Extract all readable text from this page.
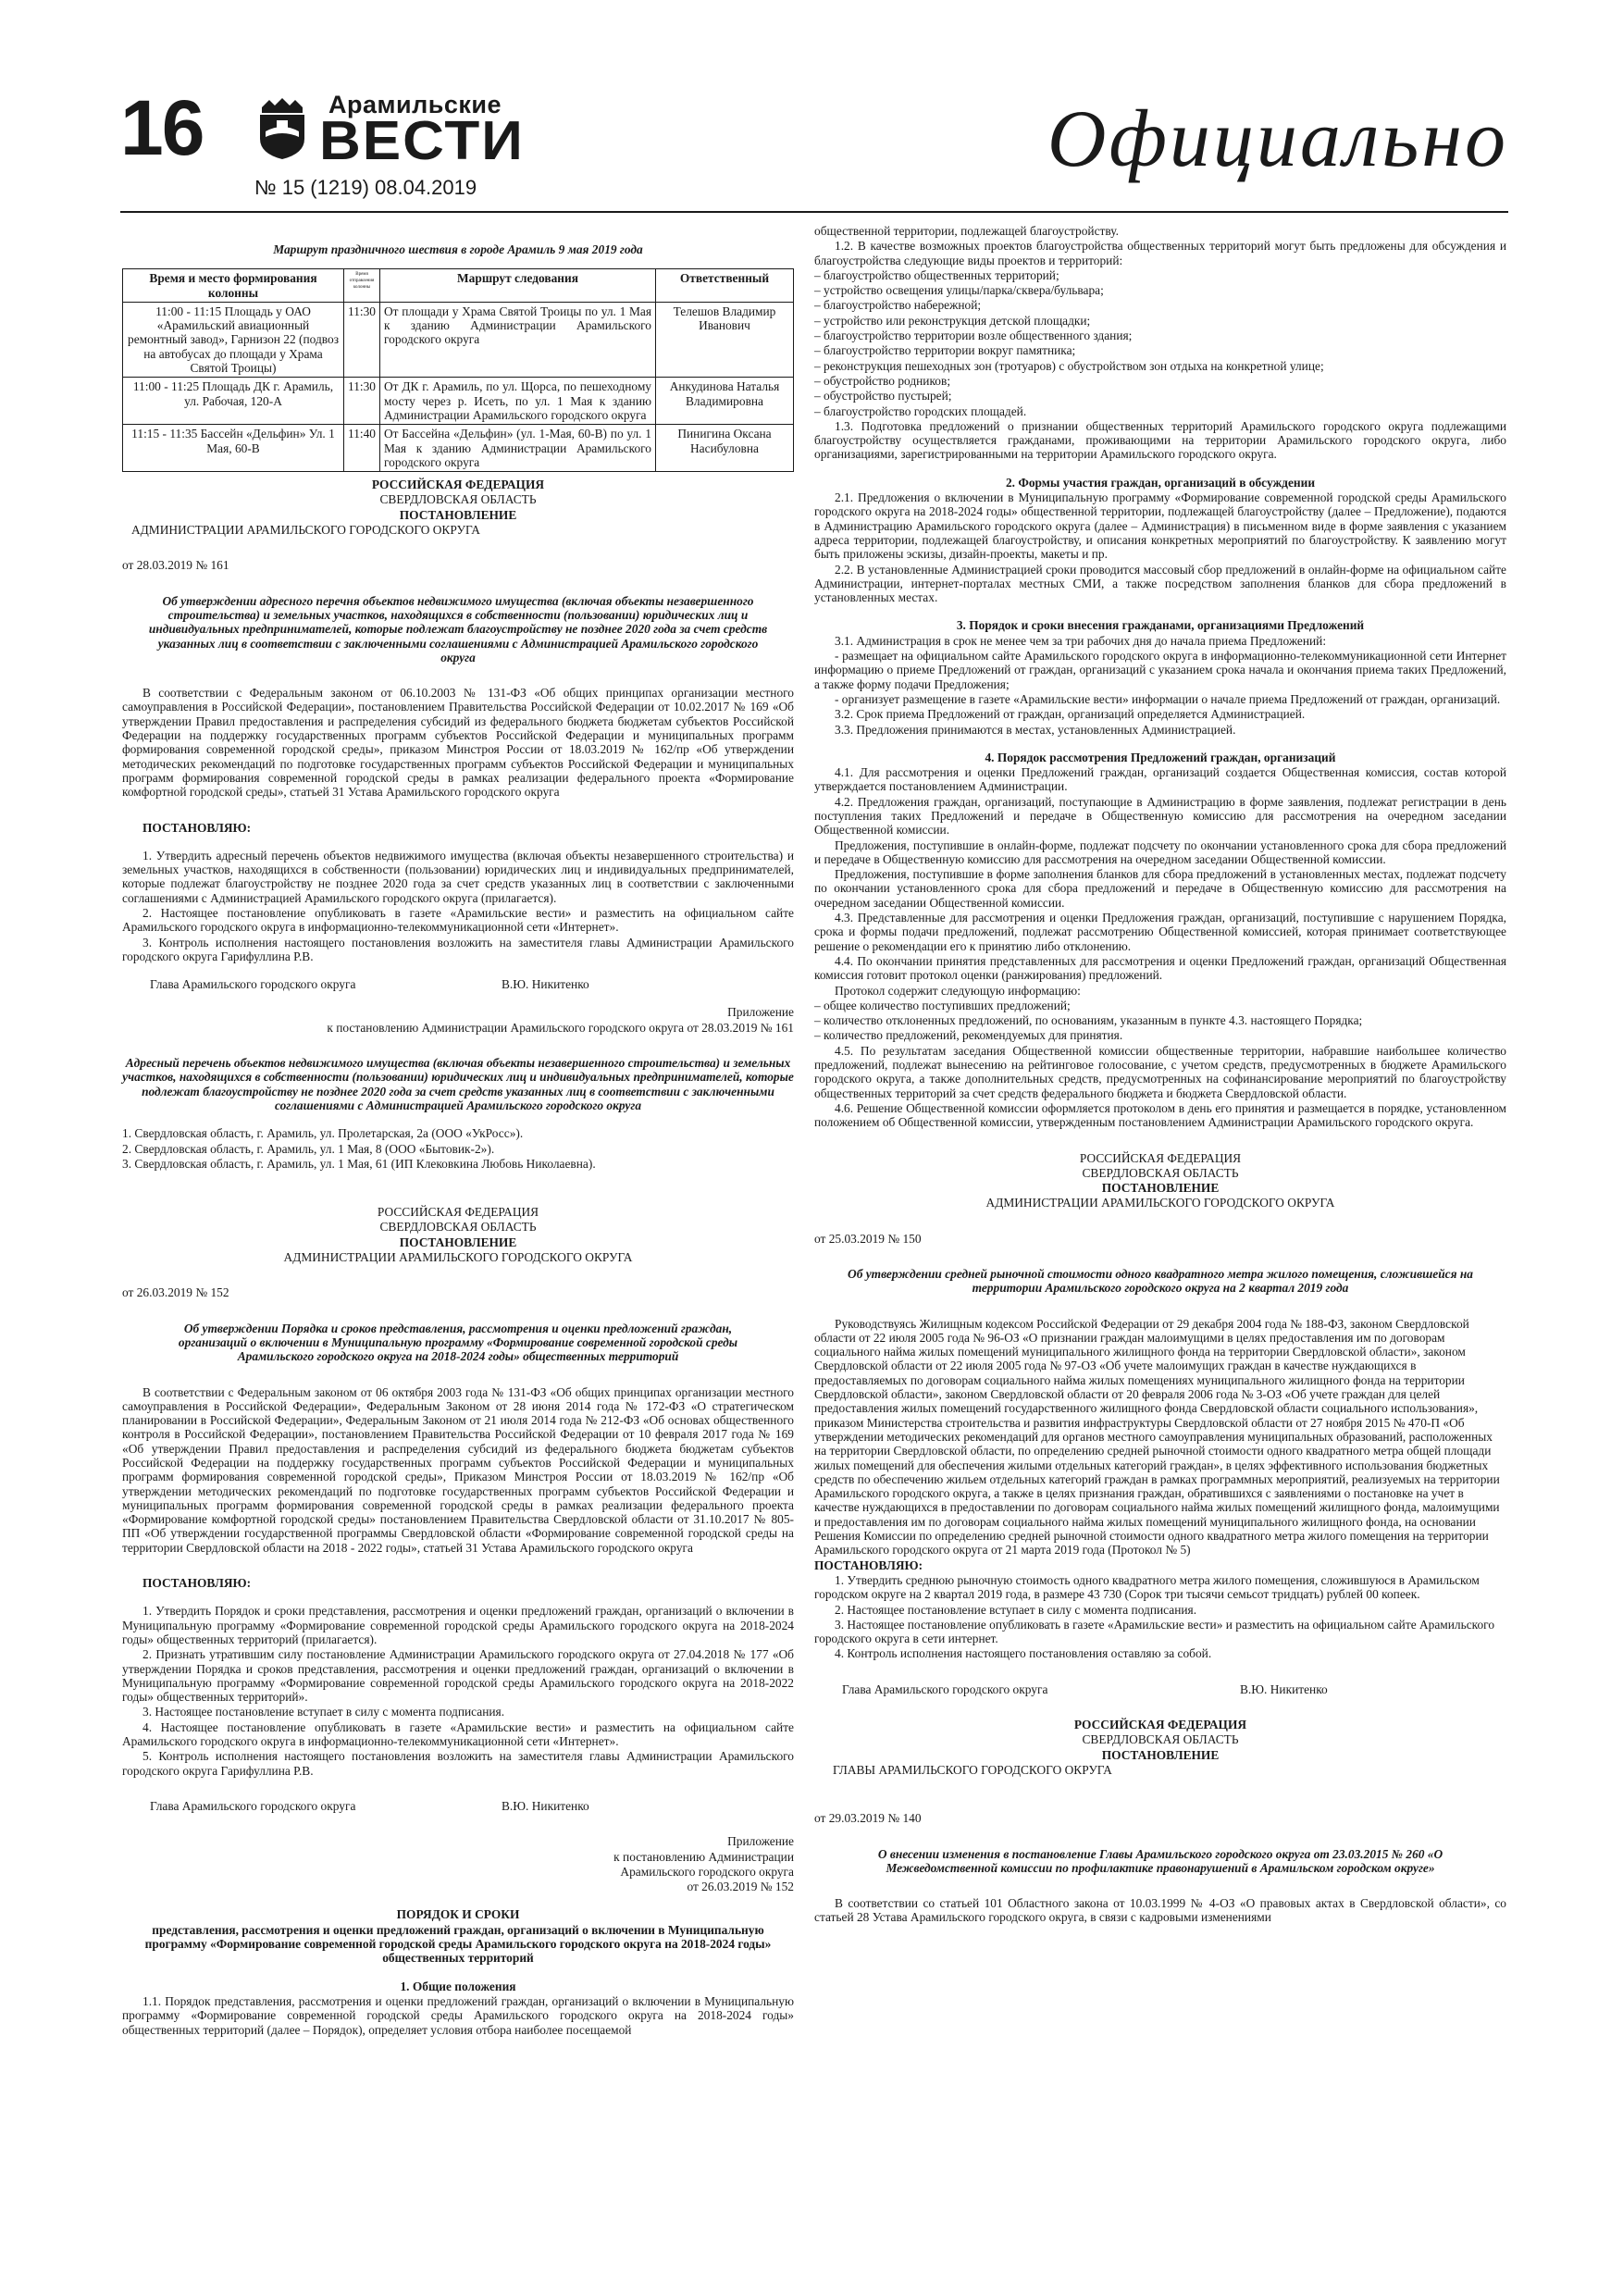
16	Арамильские
ВЕСТИ
№ 15 (1219) 08.04.2019
Официально

Маршрут праздничного шествия в городе Арамиль 9 мая 2019 года

Время и место формирования колонны	Время отправления колонны	Маршрут следования	Ответственный
11:00 - 11:15 Площадь у ОАО «Арамильский авиационный ремонтный завод», Гарнизон 22 (подвоз на автобусах до площади у Храма Святой Троицы)	11:30	От площади у Храма Святой Троицы по ул. 1 Мая к зданию Администрации Арамильского городского округа	Телешов Владимир Иванович
11:00 - 11:25 Площадь ДК г. Арамиль, ул. Рабочая, 120-А	11:30	От ДК г. Арамиль, по ул. Щорса, по пешеходному мосту через р. Исеть, по ул. 1 Мая к зданию Администрации Арамильского городского округа	Анкудинова Наталья Владимировна
11:15 - 11:35 Бассейн «Дельфин» Ул. 1 Мая, 60-В	11:40	От Бассейна «Дельфин» (ул. 1-Мая, 60-В) по ул. 1 Мая к зданию Администрации Арамильского городского округа	Пинигина Оксана Насибуловна

РОССИЙСКАЯ ФЕДЕРАЦИЯ

СВЕРДЛОВСКАЯ ОБЛАСТЬ

ПОСТАНОВЛЕНИЕ

АДМИНИСТРАЦИИ АРАМИЛЬСКОГО ГОРОДСКОГО ОКРУГА

от 28.03.2019 № 161

Об утверждении адресного перечня объектов недвижимого имущества (включая объекты незавершенного строительства) и земельных участков, находящихся в собственности (пользовании) юридических лиц и индивидуальных предпринимателей, которые подлежат благоустройству не позднее 2020 года за счет средств указанных лиц в соответствии с заключенными соглашениями с Администрацией Арамильского городского округа

В соответствии с Федеральным законом от 06.10.2003 № 131-ФЗ «Об общих принципах организации местного самоуправления в Российской Федерации», постановлением Правительства Российской Федерации от 10.02.2017 № 169 «Об утверждении Правил предоставления и распределения субсидий из федерального бюджета бюджетам субъектов Российской Федерации на поддержку государственных программ субъектов Российской Федерации и муниципальных программ формирования современной городской среды», приказом Минстроя России от 18.03.2019 № 162/пр «Об утверждении методических рекомендаций по подготовке государственных программ субъектов Российской Федерации и муниципальных программ формирования современной городской среды в рамках реализации федерального проекта «Формирование комфортной городской среды», статьей 31 Устава Арамильского городского округа

ПОСТАНОВЛЯЮ:

1. Утвердить адресный перечень объектов недвижимого имущества (включая объекты незавершенного строительства) и земельных участков, находящихся в собственности (пользовании) юридических лиц и индивидуальных предпринимателей, которые подлежат благоустройству не позднее 2020 года за счет средств указанных лиц в соответствии с заключенными соглашениями с Администрацией Арамильского городского округа (прилагается).

2. Настоящее постановление опубликовать в газете «Арамильские вести» и разместить на официальном сайте Арамильского городского округа в информационно-телекоммуникационной сети «Интернет».

3. Контроль исполнения настоящего постановления возложить на заместителя главы Администрации Арамильского городского округа Гарифуллина Р.В.

Глава Арамильского городского округа	В.Ю. Никитенко

Приложение

к постановлению Администрации Арамильского городского округа от 28.03.2019 № 161

Адресный перечень объектов недвижимого имущества (включая объекты незавершенного строительства) и земельных участков, находящихся в собственности (пользовании) юридических лиц и индивидуальных предпринимателей, которые подлежат благоустройству не позднее 2020 года за счет средств указанных лиц в соответствии с заключенными соглашениями с Администрацией Арамильского городского округа

1. Свердловская область, г. Арамиль, ул. Пролетарская, 2а (ООО «УкРосс»).

2. Свердловская область, г. Арамиль, ул. 1 Мая, 8 (ООО «Бытовик-2»).

3. Свердловская область, г. Арамиль, ул. 1 Мая, 61 (ИП Клековкина Любовь Николаевна).

РОССИЙСКАЯ ФЕДЕРАЦИЯ

СВЕРДЛОВСКАЯ ОБЛАСТЬ

ПОСТАНОВЛЕНИЕ

АДМИНИСТРАЦИИ АРАМИЛЬСКОГО ГОРОДСКОГО ОКРУГА

от 26.03.2019 № 152

Об утверждении Порядка и сроков представления, рассмотрения и оценки предложений граждан, организаций о включении в Муниципальную программу «Формирование современной городской среды Арамильского городского округа на 2018-2024 годы» общественных территорий

В соответствии с Федеральным законом от 06 октября 2003 года № 131-ФЗ «Об общих принципах организации местного самоуправления в Российской Федерации», Федеральным Законом от 28 июня 2014 года № 172-ФЗ «О стратегическом планировании в Российской Федерации», Федеральным Законом от 21 июля 2014 года № 212-ФЗ «Об основах общественного контроля в Российской Федерации», постановлением Правительства Российской Федерации от 10 февраля 2017 года № 169 «Об утверждении Правил предоставления и распределения субсидий из федерального бюджета бюджетам субъектов Российской Федерации на поддержку государственных программ субъектов Российской Федерации и муниципальных программ формирования современной городской среды», Приказом Минстроя России от 18.03.2019 № 162/пр «Об утверждении методических рекомендаций по подготовке государственных программ субъектов Российской Федерации и муниципальных программ формирования современной городской среды в рамках реализации федерального проекта «Формирование комфортной городской среды» постановлением Правительства Свердловской области от 31.10.2017 № 805-ПП «Об утверждении государственной программы Свердловской области «Формирование современной городской среды на территории Свердловской области на 2018 - 2022 годы», статьей 31 Устава Арамильского городского округа

ПОСТАНОВЛЯЮ:

1. Утвердить Порядок и сроки представления, рассмотрения и оценки предложений граждан, организаций о включении в Муниципальную программу «Формирование современной городской среды Арамильского городского округа на 2018-2024 годы» общественных территорий (прилагается).

2. Признать утратившим силу постановление Администрации Арамильского городского округа от 27.04.2018 № 177 «Об утверждении Порядка и сроков представления, рассмотрения и оценки предложений граждан, организаций о включении в Муниципальную программу «Формирование современной городской среды Арамильского городского округа на 2018-2022 годы» общественных территорий».

3. Настоящее постановление вступает в силу с момента подписания.

4. Настоящее постановление опубликовать в газете «Арамильские вести» и разместить на официальном сайте Арамильского городского округа в информационно-телекоммуникационной сети «Интернет».

5. Контроль исполнения настоящего постановления возложить на заместителя главы Администрации Арамильского городского округа Гарифуллина Р.В.

Глава Арамильского городского округа	В.Ю. Никитенко

Приложение

к постановлению Администрации

Арамильского городского округа

от 26.03.2019 № 152

ПОРЯДОК И СРОКИ

представления, рассмотрения и оценки предложений граждан, организаций о включении в Муниципальную программу «Формирование современной городской среды Арамильского городского округа на 2018-2024 годы» общественных территорий

1. Общие положения

1.1. Порядок представления, рассмотрения и оценки предложений граждан, организаций о включении в Муниципальную программу «Формирование современной городской среды Арамильского городского округа на 2018-2024 годы» общественных территорий (далее – Порядок), определяет условия отбора наиболее посещаемой

общественной территории, подлежащей благоустройству.

1.2. В качестве возможных проектов благоустройства общественных территорий могут быть предложены для обсуждения и благоустройства следующие виды проектов и территорий:

– благоустройство общественных территорий;

– устройство освещения улицы/парка/сквера/бульвара;

– благоустройство набережной;

– устройство или реконструкция детской площадки;

– благоустройство территории возле общественного здания;

– благоустройство территории вокруг памятника;

– реконструкция пешеходных зон (тротуаров) с обустройством зон отдыха на конкретной улице;

– обустройство родников;

– обустройство пустырей;

– благоустройство городских площадей.

1.3. Подготовка предложений о признании общественных территорий Арамильского городского округа подлежащими благоустройству осуществляется гражданами, проживающими на территории Арамильского городского округа, либо организациями, зарегистрированными на территории Арамильского городского округа.

2. Формы участия граждан, организаций в обсуждении

2.1. Предложения о включении в Муниципальную программу «Формирование современной городской среды Арамильского городского округа на 2018-2024 годы» общественной территории, подлежащей благоустройству (далее – Предложение), подаются в Администрацию Арамильского городского округа (далее – Администрация) в письменном виде в форме заявления с указанием адреса территории, подлежащей благоустройству, и описания конкретных мероприятий по благоустройству. К заявлению могут быть приложены эскизы, дизайн-проекты, макеты и пр.

2.2. В установленные Администрацией сроки проводится массовый сбор предложений в онлайн-форме на официальном сайте Администрации, интернет-порталах местных СМИ, а также посредством заполнения бланков для сбора предложений в установленных местах.

3. Порядок и сроки внесения гражданами, организациями Предложений

3.1. Администрация в срок не менее чем за три рабочих дня до начала приема Предложений:

- размещает на официальном сайте Арамильского городского округа в информационно-телекоммуникационной сети Интернет информацию о приеме Предложений от граждан, организаций с указанием срока начала и окончания приема таких Предложений, а также форму подачи Предложения;

- организует размещение в газете «Арамильские вести» информации о начале приема Предложений от граждан, организаций.

3.2. Срок приема Предложений от граждан, организаций определяется Администрацией.

3.3. Предложения принимаются в местах, установленных Администрацией.

4. Порядок рассмотрения Предложений граждан, организаций

4.1. Для рассмотрения и оценки Предложений граждан, организаций создается Общественная комиссия, состав которой утверждается постановлением Администрации.

4.2. Предложения граждан, организаций, поступающие в Администрацию в форме заявления, подлежат регистрации в день поступления таких Предложений и передаче в Общественную комиссию для рассмотрения на очередном заседании Общественной комиссии.

Предложения, поступившие в онлайн-форме, подлежат подсчету по окончании установленного срока для сбора предложений и передаче в Общественную комиссию для рассмотрения на очередном заседании Общественной комиссии.

Предложения, поступившие в форме заполнения бланков для сбора предложений в установленных местах, подлежат подсчету по окончании установленного срока для сбора предложений и передаче в Общественную комиссию для рассмотрения на очередном заседании Общественной комиссии.

4.3. Представленные для рассмотрения и оценки Предложения граждан, организаций, поступившие с нарушением Порядка, срока и формы подачи предложений, подлежат рассмотрению Общественной комиссией, которая принимает соответствующее решение о рекомендации его к принятию либо отклонению.

4.4. По окончании принятия представленных для рассмотрения и оценки Предложений граждан, организаций Общественная комиссия готовит протокол оценки (ранжирования) предложений.

Протокол содержит следующую информацию:

– общее количество поступивших предложений;

– количество отклоненных предложений, по основаниям, указанным в пункте 4.3. настоящего Порядка;

– количество предложений, рекомендуемых для принятия.

4.5. По результатам заседания Общественной комиссии общественные территории, набравшие наибольшее количество предложений, подлежат вынесению на рейтинговое голосование, с учетом средств, предусмотренных в бюджете Арамильского городского округа, а также дополнительных средств, предусмотренных на софинансирование мероприятий по благоустройству общественных территорий за счет средств федерального бюджета и бюджета Свердловской области.

4.6. Решение Общественной комиссии оформляется протоколом в день его принятия и размещается в порядке, установленном положением об Общественной комиссии, утвержденным постановлением Администрации Арамильского городского округа.

РОССИЙСКАЯ ФЕДЕРАЦИЯ

СВЕРДЛОВСКАЯ ОБЛАСТЬ

ПОСТАНОВЛЕНИЕ

АДМИНИСТРАЦИИ АРАМИЛЬСКОГО ГОРОДСКОГО ОКРУГА

от 25.03.2019 № 150

Об утверждении средней рыночной стоимости одного квадратного метра жилого помещения, сложившейся на территории Арамильского городского округа на 2 квартал 2019 года

Руководствуясь Жилищным кодексом Российской Федерации от 29 декабря 2004 года № 188-ФЗ, законом Свердловской области от 22 июля 2005 года № 96-ОЗ «О признании граждан малоимущими в целях предоставления им по договорам социального найма жилых помещений муниципального жилищного фонда на территории Свердловской области», законом Свердловской области от 22 июля 2005 года № 97-ОЗ «Об учете малоимущих граждан в качестве нуждающихся в предоставляемых по договорам социального найма жилых помещениях муниципального жилищного фонда на территории Свердловской области», законом Свердловской области от 20 февраля 2006 года № 3-ОЗ «Об учете граждан для целей предоставления жилых помещений государственного жилищного фонда Свердловской области социального использования», приказом Министерства строительства и развития инфраструктуры Свердловской области от 27 ноября 2015 № 470-П «Об утверждении методических рекомендаций для органов местного самоуправления муниципальных образований, расположенных на территории Свердловской области, по определению средней рыночной стоимости одного квадратного метра общей площади жилых помещений для обеспечения жилыми отдельных категорий граждан», в целях эффективного использования бюджетных средств по обеспечению жильем отдельных категорий граждан в рамках программных мероприятий, реализуемых на территории Арамильского городского округа, а также в целях признания граждан, обратившихся с заявлениями о постановке на учет в качестве нуждающихся в предоставлении по договорам социального найма жилых помещений жилищного фонда, малоимущими и предоставления им по договорам социального найма жилых помещений муниципального жилищного фонда, на основании Решения Комиссии по определению средней рыночной стоимости одного квадратного метра жилого помещения на территории Арамильского городского округа от 21 марта 2019 года (Протокол № 5)

ПОСТАНОВЛЯЮ:

1. Утвердить среднюю рыночную стоимость одного квадратного метра жилого помещения, сложившуюся в Арамильском городском округе на 2 квартал 2019 года, в размере 43 730 (Сорок три тысячи семьсот тридцать) рублей 00 копеек.

2. Настоящее постановление вступает в силу с момента подписания.

3. Настоящее постановление опубликовать в газете «Арамильские вести» и разместить на официальном сайте Арамильского городского округа в сети интернет.

4. Контроль исполнения настоящего постановления оставляю за собой.

Глава Арамильского городского округа	В.Ю. Никитенко

РОССИЙСКАЯ ФЕДЕРАЦИЯ

СВЕРДЛОВСКАЯ ОБЛАСТЬ

ПОСТАНОВЛЕНИЕ

ГЛАВЫ АРАМИЛЬСКОГО ГОРОДСКОГО ОКРУГА

от 29.03.2019 № 140

О внесении изменения в постановление Главы Арамильского городского округа от 23.03.2015 № 260 «О Межведомственной комиссии по профилактике правонарушений в Арамильском городском округе»

В соответствии со статьей 101 Областного закона от 10.03.1999 № 4-ОЗ «О правовых актах в Свердловской области», со статьей 28 Устава Арамильского городского округа, в связи с кадровыми изменениями
